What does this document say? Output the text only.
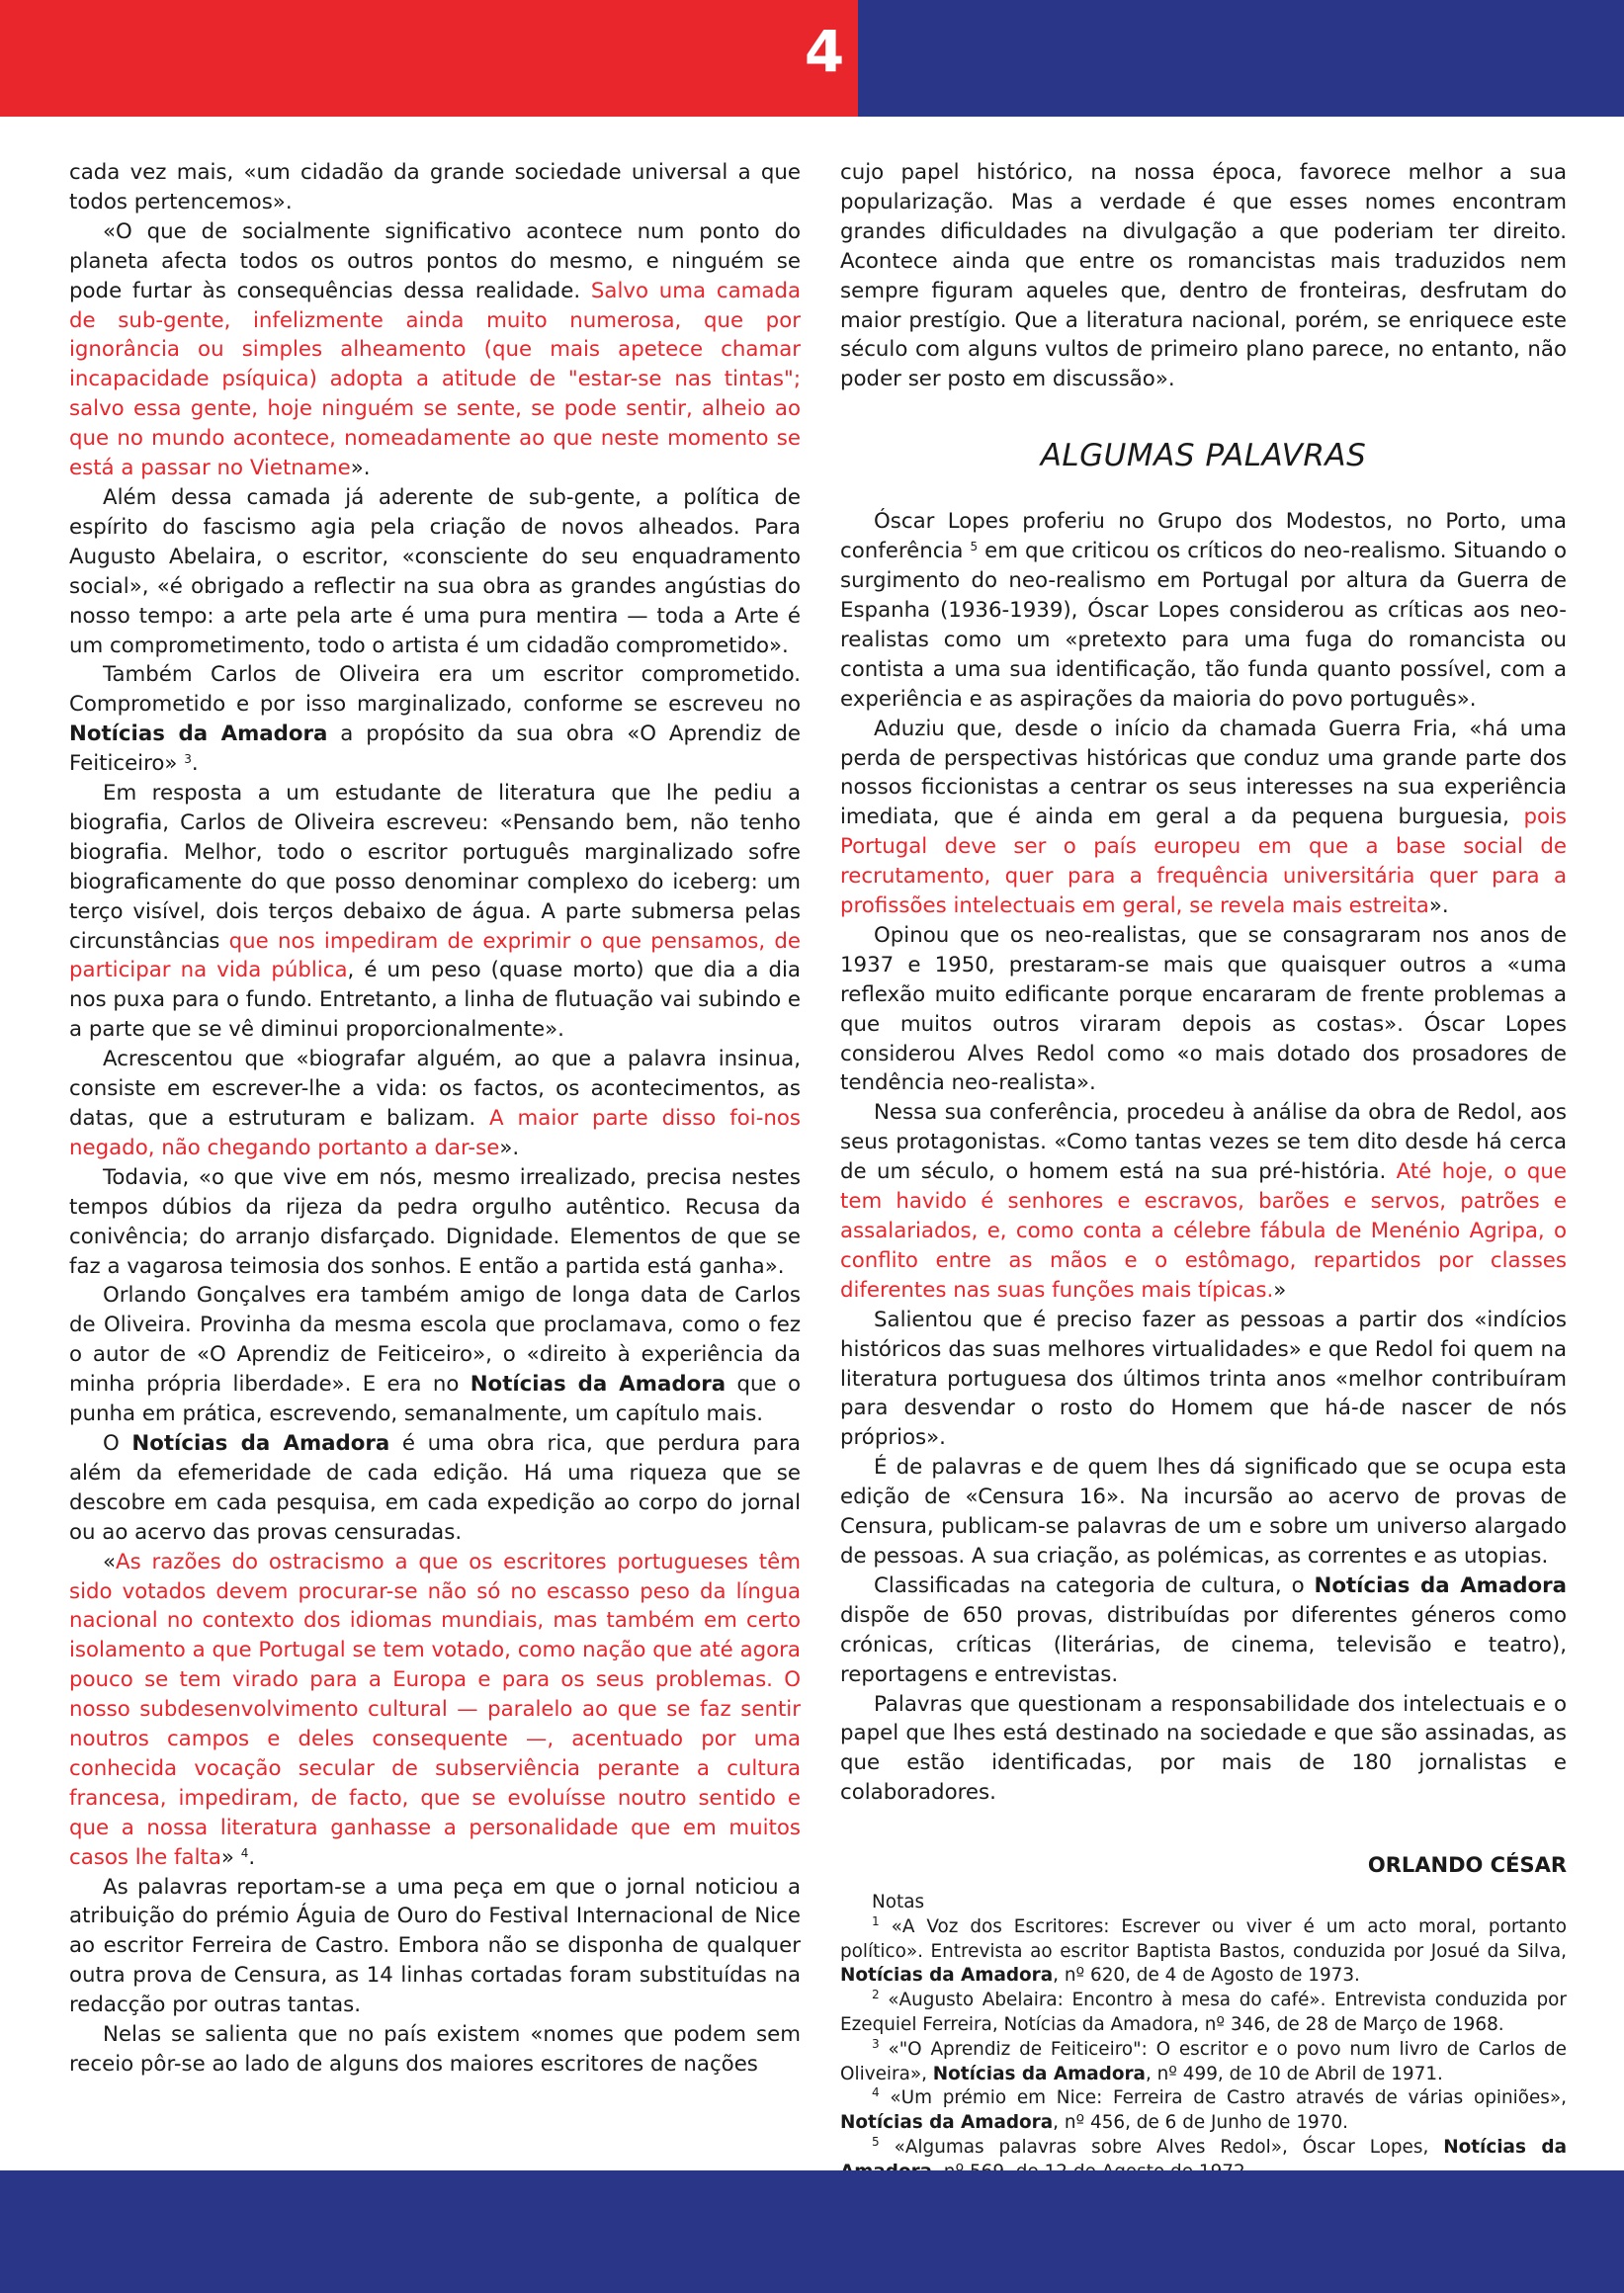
4

cada vez mais, «um cidadão da grande sociedade universal a que todos pertencemos».

«O que de socialmente significativo acontece num ponto do planeta afecta todos os outros pontos do mesmo, e ninguém se pode furtar às consequências dessa realidade. Salvo uma camada de sub-gente, infelizmente ainda muito numerosa, que por ignorância ou simples alheamento (que mais apetece chamar incapacidade psíquica) adopta a atitude de "estar-se nas tintas"; salvo essa gente, hoje ninguém se sente, se pode sentir, alheio ao que no mundo acontece, nomeadamente ao que neste momento se está a passar no Vietname».

Além dessa camada já aderente de sub-gente, a política de espírito do fascismo agia pela criação de novos alheados. Para Augusto Abelaira, o escritor, «consciente do seu enquadramento social», «é obrigado a reflectir na sua obra as grandes angústias do nosso tempo: a arte pela arte é uma pura mentira — toda a Arte é um comprometimento, todo o artista é um cidadão comprometido».

Também Carlos de Oliveira era um escritor comprometido. Comprometido e por isso marginalizado, conforme se escreveu no Notícias da Amadora a propósito da sua obra «O Aprendiz de Feiticeiro» $^3$.

Em resposta a um estudante de literatura que lhe pediu a biografia, Carlos de Oliveira escreveu: «Pensando bem, não tenho biografia. Melhor, todo o escritor português marginalizado sofre biograficamente do que posso denominar complexo do iceberg: um terço visível, dois terços debaixo de água. A parte submersa pelas circunstâncias que nos impediram de exprimir o que pensamos, de participar na vida pública, é um peso (quase morto) que dia a dia nos puxa para o fundo. Entretanto, a linha de flutuação vai subindo e a parte que se vê diminui proporcionalmente».

Acrescentou que «biografar alguém, ao que a palavra insinua, consiste em escrever-lhe a vida: os factos, os acontecimentos, as datas, que a estruturam e balizam. A maior parte disso foi-nos negado, não chegando portanto a dar-se».

Todavia, «o que vive em nós, mesmo irrealizado, precisa nestes tempos dúbios da rijeza da pedra orgulho autêntico. Recusa da conivência; do arranjo disfarçado. Dignidade. Elementos de que se faz a vagarosa teimosia dos sonhos. E então a partida está ganha».

Orlando Gonçalves era também amigo de longa data de Carlos de Oliveira. Provinha da mesma escola que proclamava, como o fez o autor de «O Aprendiz de Feiticeiro», o «direito à experiência da minha própria liberdade». E era no Notícias da Amadora que o punha em prática, escrevendo, semanalmente, um capítulo mais.

O Notícias da Amadora é uma obra rica, que perdura para além da efemeridade de cada edição. Há uma riqueza que se descobre em cada pesquisa, em cada expedição ao corpo do jornal ou ao acervo das provas censuradas.

«As razões do ostracismo a que os escritores portugueses têm sido votados devem procurar-se não só no escasso peso da língua nacional no contexto dos idiomas mundiais, mas também em certo isolamento a que Portugal se tem votado, como nação que até agora pouco se tem virado para a Europa e para os seus problemas. O nosso subdesenvolvimento cultural — paralelo ao que se faz sentir noutros campos e deles consequente —, acentuado por uma conhecida vocação secular de subserviência perante a cultura francesa, impediram, de facto, que se evoluísse noutro sentido e que a nossa literatura ganhasse a personalidade que em muitos casos lhe falta» $^4$.

As palavras reportam-se a uma peça em que o jornal noticiou a atribuição do prémio Águia de Ouro do Festival Internacional de Nice ao escritor Ferreira de Castro. Embora não se disponha de qualquer outra prova de Censura, as 14 linhas cortadas foram substituídas na redacção por outras tantas.

Nelas se salienta que no país existem «nomes que podem sem receio pôr-se ao lado de alguns dos maiores escritores de nações

cujo papel histórico, na nossa época, favorece melhor a sua popularização. Mas a verdade é que esses nomes encontram grandes dificuldades na divulgação a que poderiam ter direito. Acontece ainda que entre os romancistas mais traduzidos nem sempre figuram aqueles que, dentro de fronteiras, desfrutam do maior prestígio. Que a literatura nacional, porém, se enriquece este século com alguns vultos de primeiro plano parece, no entanto, não poder ser posto em discussão».

ALGUMAS PALAVRAS

Óscar Lopes proferiu no Grupo dos Modestos, no Porto, uma conferência $^5$ em que criticou os críticos do neo-realismo. Situando o surgimento do neo-realismo em Portugal por altura da Guerra de Espanha (1936-1939), Óscar Lopes considerou as críticas aos neo-realistas como um «pretexto para uma fuga do romancista ou contista a uma sua identificação, tão funda quanto possível, com a experiência e as aspirações da maioria do povo português».

Aduziu que, desde o início da chamada Guerra Fria, «há uma perda de perspectivas históricas que conduz uma grande parte dos nossos ficcionistas a centrar os seus interesses na sua experiência imediata, que é ainda em geral a da pequena burguesia, pois Portugal deve ser o país europeu em que a base social de recrutamento, quer para a frequência universitária quer para a profissões intelectuais em geral, se revela mais estreita».

Opinou que os neo-realistas, que se consagraram nos anos de 1937 e 1950, prestaram-se mais que quaisquer outros a «uma reflexão muito edificante porque encararam de frente problemas a que muitos outros viraram depois as costas». Óscar Lopes considerou Alves Redol como «o mais dotado dos prosadores de tendência neo-realista».

Nessa sua conferência, procedeu à análise da obra de Redol, aos seus protagonistas. «Como tantas vezes se tem dito desde há cerca de um século, o homem está na sua pré-história. Até hoje, o que tem havido é senhores e escravos, barões e servos, patrões e assalariados, e, como conta a célebre fábula de Menénio Agripa, o conflito entre as mãos e o estômago, repartidos por classes diferentes nas suas funções mais típicas.»

Salientou que é preciso fazer as pessoas a partir dos «indícios históricos das suas melhores virtualidades» e que Redol foi quem na literatura portuguesa dos últimos trinta anos «melhor contribuíram para desvendar o rosto do Homem que há-de nascer de nós próprios».

É de palavras e de quem lhes dá significado que se ocupa esta edição de «Censura 16». Na incursão ao acervo de provas de Censura, publicam-se palavras de um e sobre um universo alargado de pessoas. A sua criação, as polémicas, as correntes e as utopias.

Classificadas na categoria de cultura, o Notícias da Amadora dispõe de 650 provas, distribuídas por diferentes géneros como crónicas, críticas (literárias, de cinema, televisão e teatro), reportagens e entrevistas.

Palavras que questionam a responsabilidade dos intelectuais e o papel que lhes está destinado na sociedade e que são assinadas, as que estão identificadas, por mais de 180 jornalistas e colaboradores.

ORLANDO CÉSAR

Notas

$^1$ «A Voz dos Escritores: Escrever ou viver é um acto moral, portanto político». Entrevista ao escritor Baptista Bastos, conduzida por Josué da Silva, Notícias da Amadora, nº 620, de 4 de Agosto de 1973.

$^2$ «Augusto Abelaira: Encontro à mesa do café». Entrevista conduzida por Ezequiel Ferreira, Notícias da Amadora, nº 346, de 28 de Março de 1968.

$^3$ «"O Aprendiz de Feiticeiro": O escritor e o povo num livro de Carlos de Oliveira», Notícias da Amadora, nº 499, de 10 de Abril de 1971.

$^4$ «Um prémio em Nice: Ferreira de Castro através de várias opiniões», Notícias da Amadora, nº 456, de 6 de Junho de 1970.

$^5$ «Algumas palavras sobre Alves Redol», Óscar Lopes, Notícias da
